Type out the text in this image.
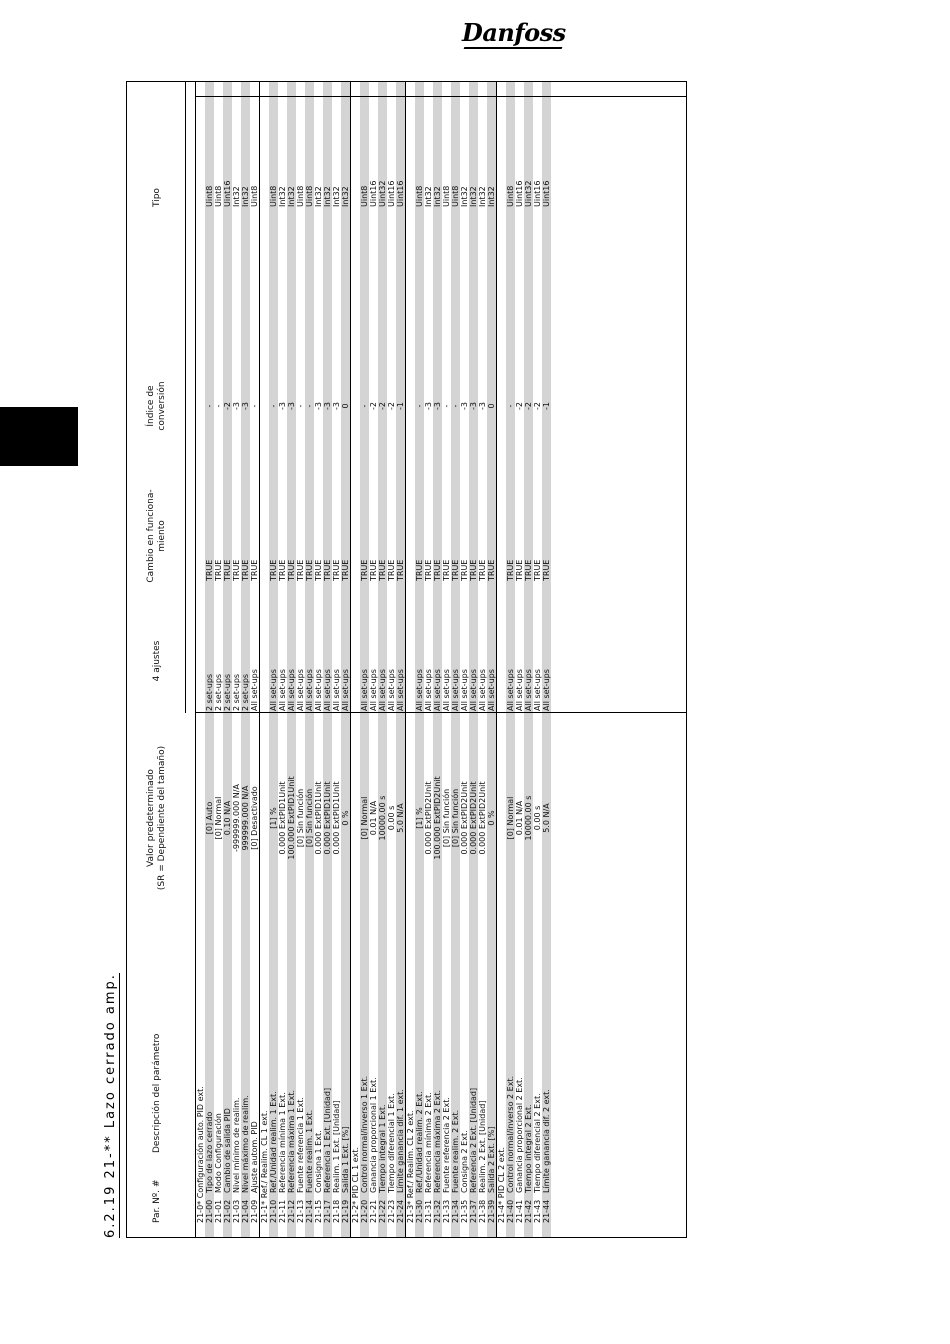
Danfoss
6.2.19 21-** Lazo cerrado amp.	Par. Nº. #
Descripción del parámetro
Valor predeterminado
(SR = Dependiente del tamaño)
4 ajustes
Cambio en funciona-
miento
Índice de
conversión
Tipo
21-0* Configuración auto. PID ext. 21-00
Tipo de lazo cerrado
[0] Auto
2 set-ups
TRUE
-
Uint8
21-01
Modo Configuración
[0] Normal
2 set-ups
TRUE
-
Uint8
21-02
Cambio de salida PID
0.10 N/A
2 set-ups
TRUE
-2
Uint16
21-03
Nivel mínimo de realim.
-999999.000 N/A
2 set-ups
TRUE
-3
Int32
21-04
Nivel máximo de realim.
999999.000 N/A
2 set-ups
TRUE
-3
Int32
21-09
Ajuste autom. PID
[0] Desactivado
All set-ups
TRUE
-
Uint8
21-1* Ref./ Realim. CL 1 ext. 21-10
Ref./Unidad realim. 1 Ext.
[1] %
All set-ups
TRUE
-
Uint8
21-11
Referencia mínima 1 Ext.
0.000 ExtPID1Unit
All set-ups
TRUE
-3
Int32
21-12
Referencia máxima 1 Ext.
100.000 ExtPID1Unit
All set-ups
TRUE
-3
Int32
21-13
Fuente referencia 1 Ext.
[0] Sin función
All set-ups
TRUE
-
Uint8
21-14
Fuente realim. 1 Ext.
[0] Sin función
All set-ups
TRUE
-
Uint8
21-15
Consigna 1 Ext.
0.000 ExtPID1Unit
All set-ups
TRUE
-3
Int32
21-17
Referencia 1 Ext. [Unidad]
0.000 ExtPID1Unit
All set-ups
TRUE
-3
Int32
21-18
Realim. 1 Ext. [Unidad]
0.000 ExtPID1Unit
All set-ups
TRUE
-3
Int32
21-19
Salida 1 Ext. [%]
0 %
All set-ups
TRUE
0
Int32
21-2* PID CL 1 ext. 21-20
Control normal/inverso 1 Ext.
[0] Normal
All set-ups
TRUE
-
Uint8
21-21
Ganancia proporcional 1 Ext.
0.01 N/A
All set-ups
TRUE
-2
Uint16
21-22
Tiempo integral 1 Ext.
10000.00 s
All set-ups
TRUE
-2
Uint32
21-23
Tiempo diferencial 1 Ext.
0.00 s
All set-ups
TRUE
-2
Uint16
21-24
Límite ganancia dif. 1 ext.
5.0 N/A
All set-ups
TRUE
-1
Uint16
21-3* Ref./ Realim. CL 2 ext. 21-30
Ref./Unidad realim. 2 Ext.
[1] %
All set-ups
TRUE
-
Uint8
21-31
Referencia mínima 2 Ext.
0.000 ExtPID2Unit
All set-ups
TRUE
-3
Int32
21-32
Referencia máxima 2 Ext.
100.000 ExtPID2Unit
All set-ups
TRUE
-3
Int32
21-33
Fuente referencia 2 Ext.
[0] Sin función
All set-ups
TRUE
-
Uint8
21-34
Fuente realim. 2 Ext.
[0] Sin función
All set-ups
TRUE
-
Uint8
21-35
Consigna 2 Ext.
0.000 ExtPID2Unit
All set-ups
TRUE
-3
Int32
21-37
Referencia 2 Ext. [Unidad]
0.000 ExtPID2Unit
All set-ups
TRUE
-3
Int32
21-38
Realim. 2 Ext. [Unidad]
0.000 ExtPID2Unit
All set-ups
TRUE
-3
Int32
21-39
Salida 2 Ext. [%]
0 %
All set-ups
TRUE
0
Int32
21-4* PID CL 2 ext. 21-40
Control normal/inverso 2 Ext.
[0] Normal
All set-ups
TRUE
-
Uint8
21-41
Ganancia proporcional 2 Ext.
0.01 N/A
All set-ups
TRUE
-2
Uint16
21-42
Tiempo integral 2 Ext.
10000.00 s
All set-ups
TRUE
-2
Uint32
21-43
Tiempo diferencial 2 Ext.
0.00 s
All set-ups
TRUE
-2
Uint16
21-44
Límite ganancia dif. 2 ext.
5.0 N/A
All set-ups
TRUE
-1
Uint16
